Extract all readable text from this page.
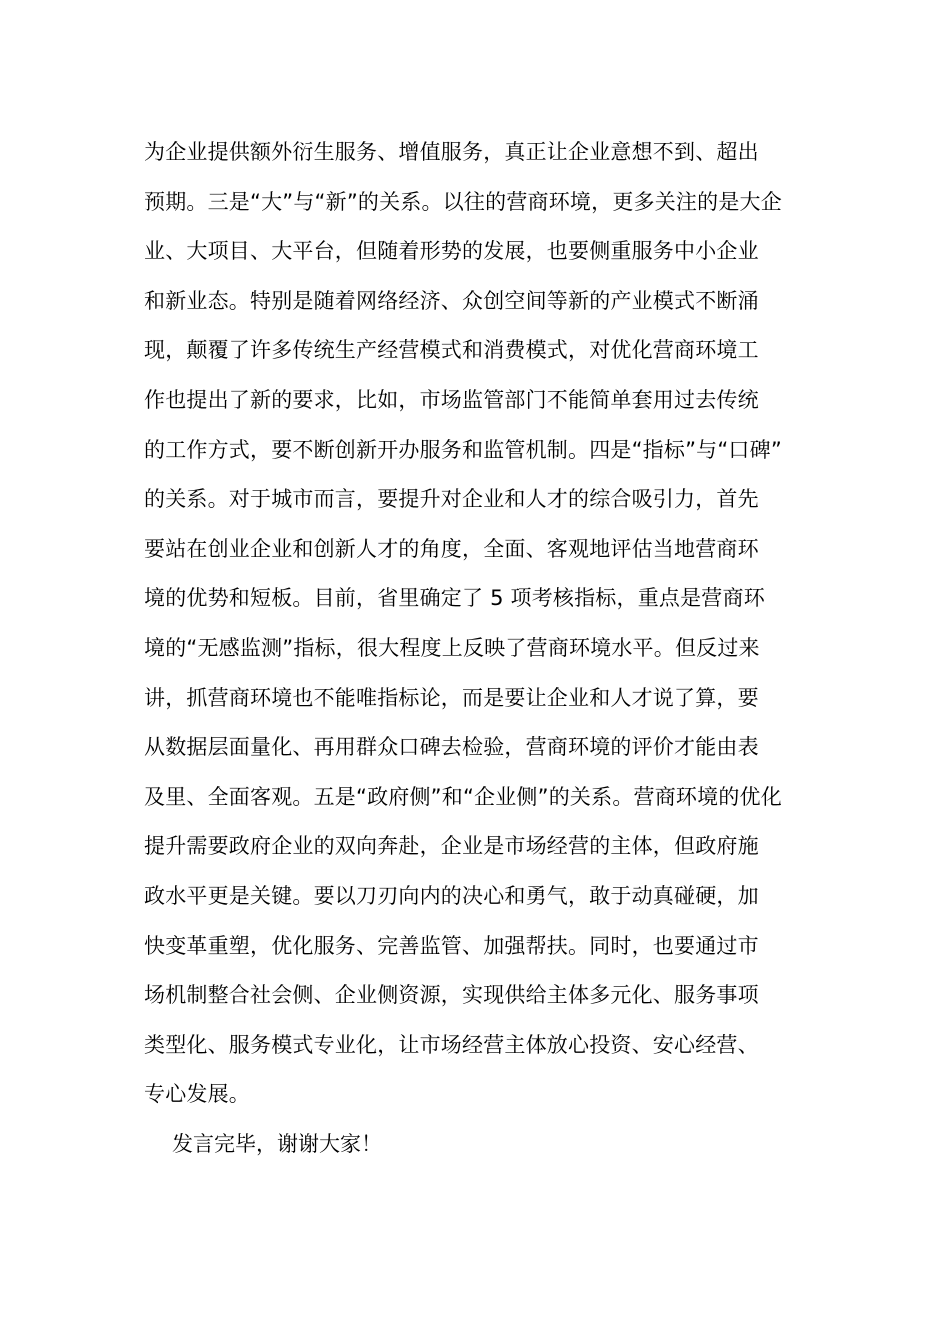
为企业提供额外衍生服务、增值服务，真正让企业意想不到、超出
预期。三是“大”与“新”的关系。以往的营商环境，更多关注的是大企
业、大项目、大平台，但随着形势的发展，也要侧重服务中小企业
和新业态。特别是随着网络经济、众创空间等新的产业模式不断涌
现，颠覆了许多传统生产经营模式和消费模式，对优化营商环境工
作也提出了新的要求，比如，市场监管部门不能简单套用过去传统
的工作方式，要不断创新开办服务和监管机制。四是“指标”与“口碑”
的关系。对于城市而言，要提升对企业和人才的综合吸引力，首先
要站在创业企业和创新人才的角度，全面、客观地评估当地营商环
境的优势和短板。目前，省里确定了 5 项考核指标，重点是营商环
境的“无感监测”指标，很大程度上反映了营商环境水平。但反过来
讲，抓营商环境也不能唯指标论，而是要让企业和人才说了算，要
从数据层面量化、再用群众口碑去检验，营商环境的评价才能由表
及里、全面客观。五是“政府侧”和“企业侧”的关系。营商环境的优化
提升需要政府企业的双向奔赴，企业是市场经营的主体，但政府施
政水平更是关键。要以刀刃向内的决心和勇气，敢于动真碰硬，加
快变革重塑，优化服务、完善监管、加强帮扶。同时，也要通过市
场机制整合社会侧、企业侧资源，实现供给主体多元化、服务事项
类型化、服务模式专业化，让市场经营主体放心投资、安心经营、
专心发展。
发言完毕，谢谢大家！
